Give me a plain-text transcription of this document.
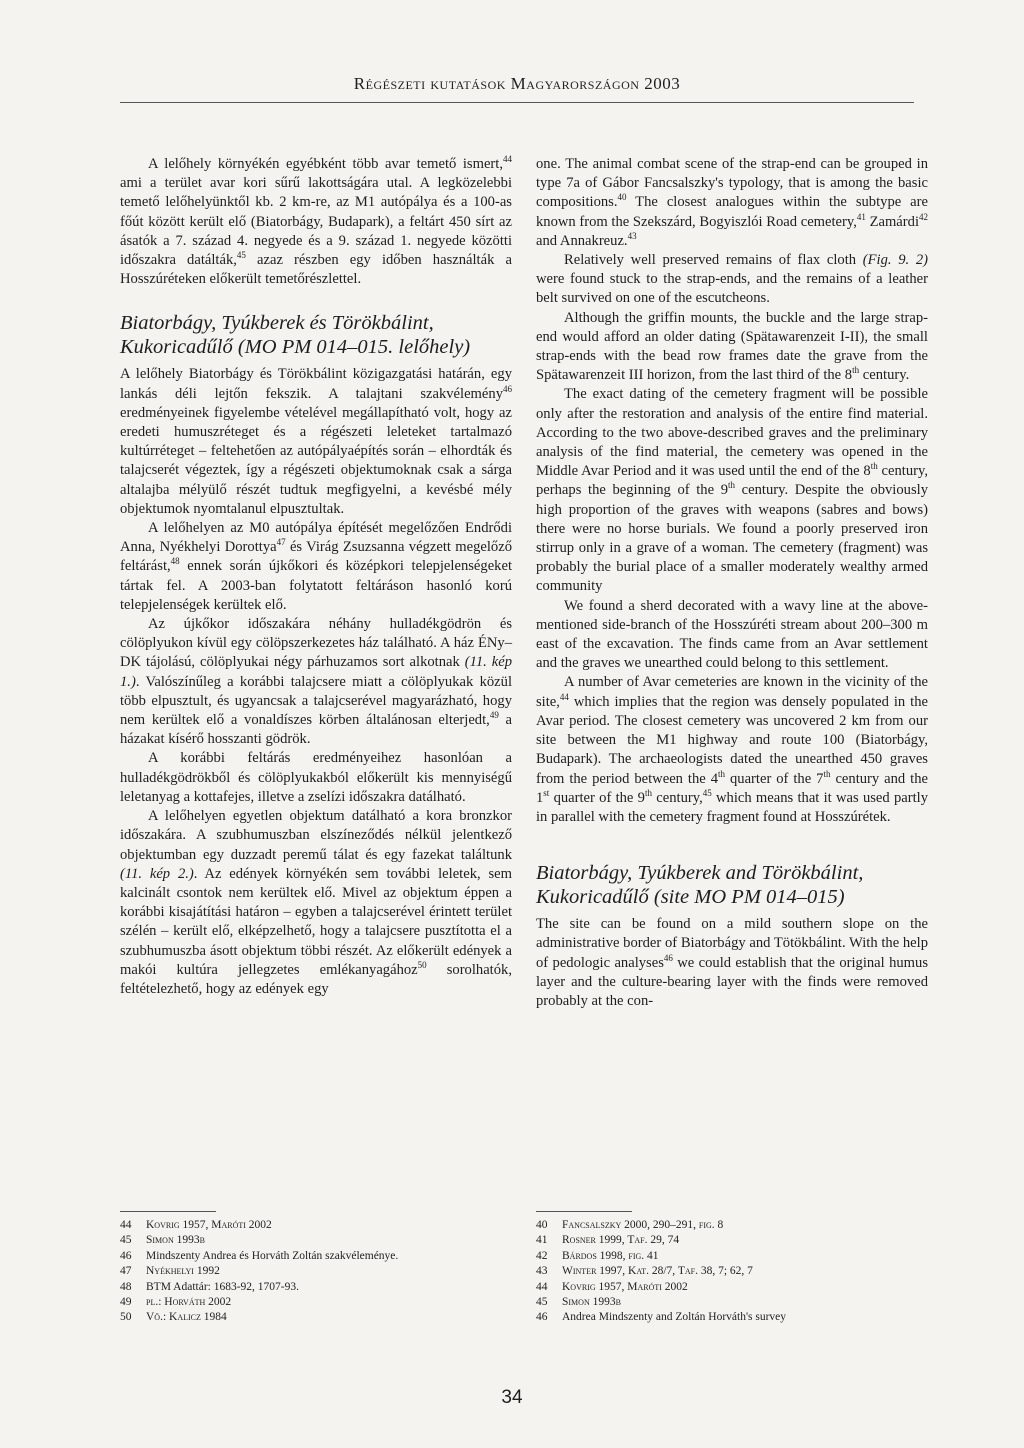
Régészeti kutatások Magyarországon 2003

A lelőhely környékén egyébként több avar temető ismert,$^{44}$ ami a terület avar kori sűrű lakottságára utal. A legközelebbi temető lelőhelyünktől kb. 2 km-re, az M1 autópálya és a 100-as főút között került elő (Biatorbágy, Budapark), a feltárt 450 sírt az ásatók a 7. század 4. negyede és a 9. század 1. negyede közötti időszakra datálták,$^{45}$ azaz részben egy időben használták a Hosszúréteken előkerült temetőrészlettel.

Biatorbágy, Tyúkberek és Törökbálint, Kukoricadűlő (MO PM 014–015. lelőhely)

A lelőhely Biatorbágy és Törökbálint közigazgatási határán, egy lankás déli lejtőn fekszik. A talajtani szakvélemény$^{46}$ eredményeinek figyelembe vételével megállapítható volt, hogy az eredeti humuszréteget és a régészeti leleteket tartalmazó kultúrréteget – feltehetően az autópályaépítés során – elhordták és talajcserét végeztek, így a régészeti objektumoknak csak a sárga altalajba mélyülő részét tudtuk megfigyelni, a kevésbé mély objektumok nyomtalanul elpusztultak.

A lelőhelyen az M0 autópálya építését megelőzően Endrődi Anna, Nyékhelyi Dorottya$^{47}$ és Virág Zsuzsanna végzett megelőző feltárást,$^{48}$ ennek során újkőkori és középkori telepjelenségeket tártak fel. A 2003-ban folytatott feltáráson hasonló korú telepjelenségek kerültek elő.

Az újkőkor időszakára néhány hulladékgödrön és cölöplyukon kívül egy cölöpszerkezetes ház található. A ház ÉNy–DK tájolású, cölöplyukai négy párhuzamos sort alkotnak (11. kép 1.). Valószínűleg a korábbi talajcsere miatt a cölöplyukak közül több elpusztult, és ugyancsak a talajcserével magyarázható, hogy nem kerültek elő a vonaldíszes körben általánosan elterjedt,$^{49}$ a házakat kísérő hosszanti gödrök.

A korábbi feltárás eredményeihez hasonlóan a hulladékgödrökből és cölöplyukakból előkerült kis mennyiségű leletanyag a kottafejes, illetve a zselízi időszakra datálható.

A lelőhelyen egyetlen objektum datálható a kora bronzkor időszakára. A szubhumuszban elszíneződés nélkül jelentkező objektumban egy duzzadt peremű tálat és egy fazekat találtunk (11. kép 2.). Az edények környékén sem további leletek, sem kalcinált csontok nem kerültek elő. Mivel az objektum éppen a korábbi kisajátítási határon – egyben a talajcserével érintett terület szélén – került elő, elképzelhető, hogy a talajcsere pusztította el a szubhumuszba ásott objektum többi részét. Az előkerült edények a makói kultúra jellegzetes emlékanyagához$^{50}$ sorolhatók, feltételezhető, hogy az edények egy

one. The animal combat scene of the strap-end can be grouped in type 7a of Gábor Fancsalszky's typology, that is among the basic compositions.$^{40}$ The closest analogues within the subtype are known from the Szekszárd, Bogyiszlói Road cemetery,$^{41}$ Zamárdi$^{42}$ and Annakreuz.$^{43}$

Relatively well preserved remains of flax cloth (Fig. 9. 2) were found stuck to the strap-ends, and the remains of a leather belt survived on one of the escutcheons.

Although the griffin mounts, the buckle and the large strap-end would afford an older dating (Spätawarenzeit I-II), the small strap-ends with the bead row frames date the grave from the Spätawarenzeit III horizon, from the last third of the 8th century.

The exact dating of the cemetery fragment will be possible only after the restoration and analysis of the entire find material. According to the two above-described graves and the preliminary analysis of the find material, the cemetery was opened in the Middle Avar Period and it was used until the end of the 8th century, perhaps the beginning of the 9th century. Despite the obviously high proportion of the graves with weapons (sabres and bows) there were no horse burials. We found a poorly preserved iron stirrup only in a grave of a woman. The cemetery (fragment) was probably the burial place of a smaller moderately wealthy armed community

We found a sherd decorated with a wavy line at the above-mentioned side-branch of the Hosszúréti stream about 200–300 m east of the excavation. The finds came from an Avar settlement and the graves we unearthed could belong to this settlement.

A number of Avar cemeteries are known in the vicinity of the site,$^{44}$ which implies that the region was densely populated in the Avar period. The closest cemetery was uncovered 2 km from our site between the M1 highway and route 100 (Biatorbágy, Budapark). The archaeologists dated the unearthed 450 graves from the period between the 4th quarter of the 7th century and the 1st quarter of the 9th century,$^{45}$ which means that it was used partly in parallel with the cemetery fragment found at Hosszúrétek.

Biatorbágy, Tyúkberek and Törökbálint, Kukoricadűlő (site MO PM 014–015)

The site can be found on a mild southern slope on the administrative border of Biatorbágy and Tötökbálint. With the help of pedologic analyses$^{46}$ we could establish that the original humus layer and the culture-bearing layer with the finds were removed probably at the con-

44	Kovrig 1957, Maróti 2002
45	Simon 1993b
46	Mindszenty Andrea és Horváth Zoltán szakvéleménye.
47	Nyékhelyi 1992
48	BTM Adattár: 1683-92, 1707-93.
49	pl.: Horváth 2002
50	Vö.: Kalicz 1984
40	Fancsalszky 2000, 290–291, fig. 8
41	Rosner 1999, Taf. 29, 74
42	Bárdos 1998, fig. 41
43	Winter 1997, Kat. 28/7, Taf. 38, 7; 62, 7
44	Kovrig 1957, Maróti 2002
45	Simon 1993b
46	Andrea Mindszenty and Zoltán Horváth's survey
34
